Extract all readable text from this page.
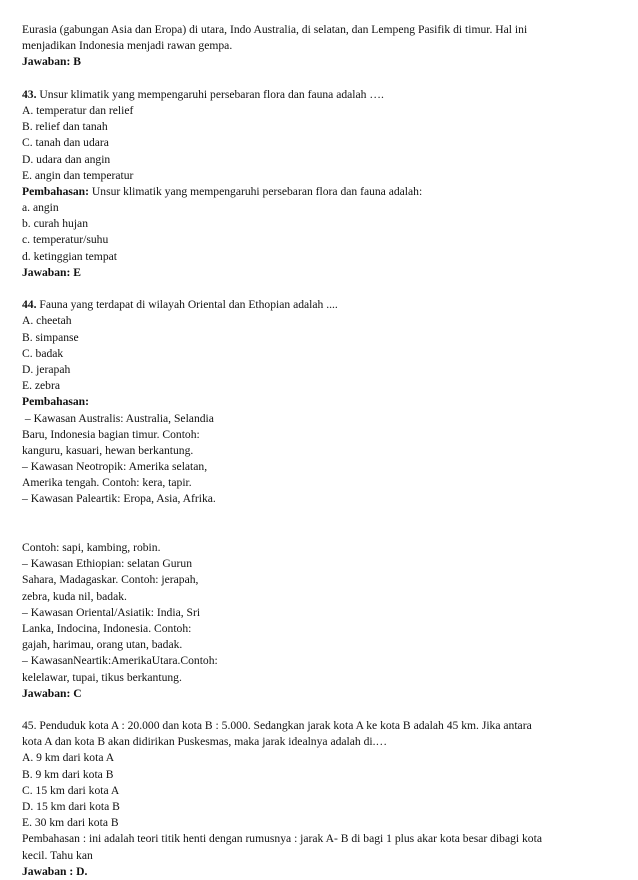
Eurasia (gabungan Asia dan Eropa) di utara, Indo Australia, di selatan, dan Lempeng Pasifik di timur. Hal ini
menjadikan Indonesia menjadi rawan gempa.
Jawaban: B
43. Unsur klimatik yang mempengaruhi persebaran flora dan fauna adalah ….
A. temperatur dan relief
B. relief dan tanah
C. tanah dan udara
D. udara dan angin
E. angin dan temperatur
Pembahasan: Unsur klimatik yang mempengaruhi persebaran flora dan fauna adalah:
a. angin
b. curah hujan
c. temperatur/suhu
d. ketinggian tempat
Jawaban: E
44. Fauna yang terdapat di wilayah Oriental dan Ethopian adalah ....
A. cheetah
B. simpanse
C. badak
D. jerapah
E. zebra
Pembahasan:
– Kawasan Australis: Australia, Selandia
Baru, Indonesia bagian timur. Contoh:
kanguru, kasuari, hewan berkantung.
– Kawasan Neotropik: Amerika selatan,
Amerika tengah. Contoh: kera, tapir.
– Kawasan Paleartik: Eropa, Asia, Afrika.
Contoh: sapi, kambing, robin.
– Kawasan Ethiopian: selatan Gurun
Sahara, Madagaskar. Contoh: jerapah,
zebra, kuda nil, badak.
– Kawasan Oriental/Asiatik: India, Sri
Lanka, Indocina, Indonesia. Contoh:
gajah, harimau, orang utan, badak.
– KawasanNeartik:AmerikaUtara.Contoh:
kelelawar, tupai, tikus berkantung.
Jawaban: C
45. Penduduk kota A : 20.000 dan kota B : 5.000. Sedangkan jarak kota A ke kota B adalah 45 km. Jika antara
kota A dan kota B akan didirikan Puskesmas, maka jarak idealnya adalah di.…
A. 9 km dari kota A
B. 9 km dari kota B
C. 15 km dari kota A
D. 15 km dari kota B
E. 30 km dari kota B
Pembahasan : ini adalah teori titik henti dengan rumusnya : jarak A- B di bagi 1 plus akar kota besar dibagi kota
kecil. Tahu kan
Jawaban : D.
